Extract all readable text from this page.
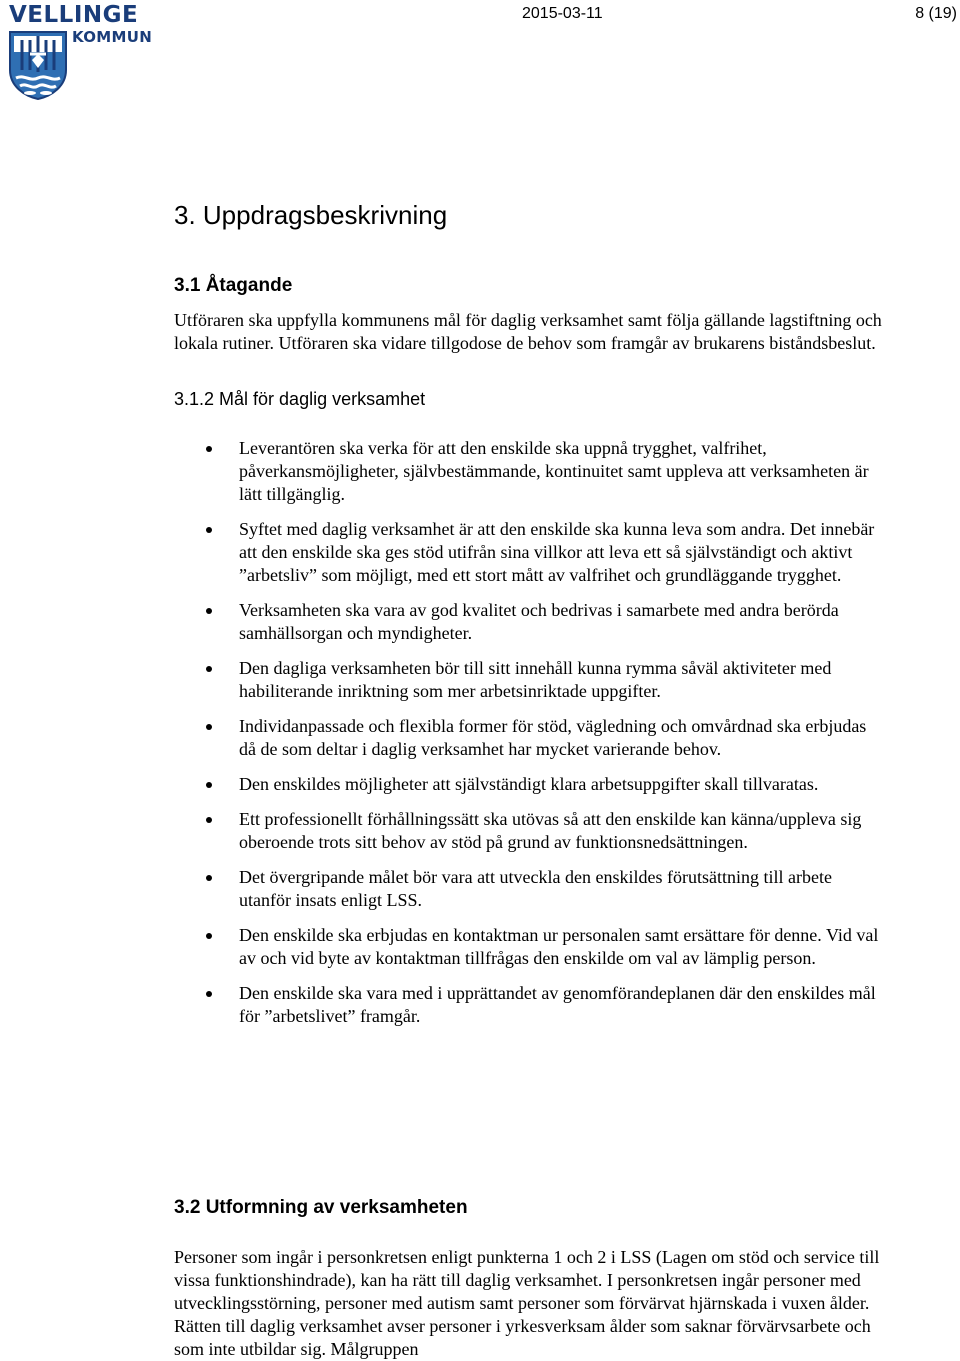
VELLINGE
KOMMUN
2015-03-11	8 (19)
3. Uppdragsbeskrivning
3.1 Åtagande

Utföraren ska uppfylla kommunens mål för daglig verksamhet samt följa gällande lagstiftning och lokala rutiner. Utföraren ska vidare tillgodose de behov som framgår av brukarens biståndsbeslut.

3.1.2 Mål för daglig verksamhet
Leverantören ska verka för att den enskilde ska uppnå trygghet, valfrihet, påverkansmöjligheter, självbestämmande, kontinuitet samt uppleva att verksamheten är lätt tillgänglig.
Syftet med daglig verksamhet är att den enskilde ska kunna leva som andra. Det innebär att den enskilde ska ges stöd utifrån sina villkor att leva ett så självständigt och aktivt ”arbetsliv” som möjligt, med ett stort mått av valfrihet och grundläggande trygghet.
Verksamheten ska vara av god kvalitet och bedrivas i samarbete med andra berörda samhällsorgan och myndigheter.
Den dagliga verksamheten bör till sitt innehåll kunna rymma såväl aktiviteter med habiliterande inriktning som mer arbetsinriktade uppgifter.
Individanpassade och flexibla former för stöd, vägledning och omvårdnad ska erbjudas då de som deltar i daglig verksamhet har mycket varierande behov.
Den enskildes möjligheter att självständigt klara arbetsuppgifter skall tillvaratas.
Ett professionellt förhållningssätt ska utövas så att den enskilde kan känna/uppleva sig oberoende trots sitt behov av stöd på grund av funktionsnedsättningen.
Det övergripande målet bör vara att utveckla den enskildes förutsättning till arbete utanför insats enligt LSS.
Den enskilde ska erbjudas en kontaktman ur personalen samt ersättare för denne. Vid val av och vid byte av kontaktman tillfrågas den enskilde om val av lämplig person.
Den enskilde ska vara med i upprättandet av genomförandeplanen där den enskildes mål för ”arbetslivet” framgår.
3.2 Utformning av verksamheten

Personer som ingår i personkretsen enligt punkterna 1 och 2 i LSS (Lagen om stöd och service till vissa funktionshindrade), kan ha rätt till daglig verksamhet. I personkretsen ingår personer med utvecklingsstörning, personer med autism samt personer som förvärvat hjärnskada i vuxen ålder. Rätten till daglig verksamhet avser personer i yrkesverksam ålder som saknar förvärvsarbete och som inte utbildar sig. Målgruppen
